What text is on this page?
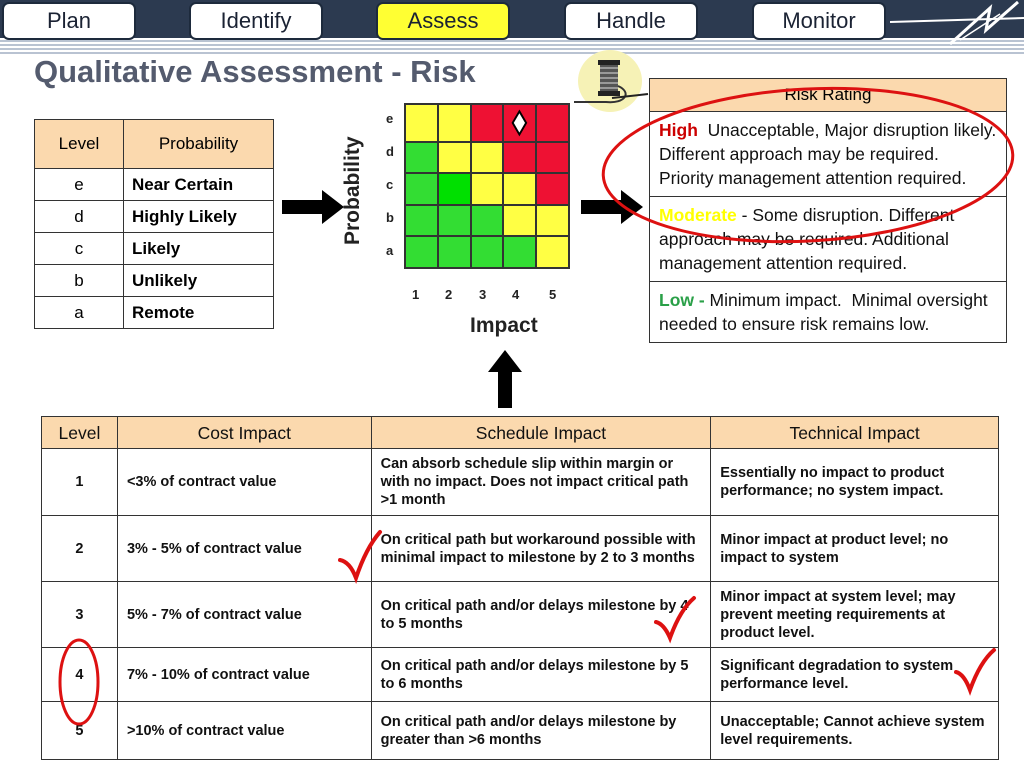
Plan	Identify	Assess	Handle	Monitor
Qualitative Assessment - Risk
Level	Probability
e	Near Certain
d	Highly Likely
c	Likely
b	Unlikely
a	Remote
Probability
e
d
c
b
a
1 2 3 4 5
Impact
Risk Rating
High  Unacceptable, Major disruption likely.  Different approach may be required. Priority management attention required.
Moderate - Some disruption. Different approach may be required. Additional management attention required.
Low - Minimum impact.  Minimal oversight  needed to ensure risk remains low.
Level	Cost Impact	Schedule Impact	Technical Impact
1	<3% of contract value	Can absorb schedule slip within margin or with no impact. Does not impact critical path >1 month	Essentially no impact to product performance; no system impact.
2	3% - 5% of contract value	On critical path but workaround possible with minimal impact to milestone by 2 to 3 months	Minor impact at product level; no impact to system
3	5% - 7% of contract value	On critical path and/or delays milestone by 4 to 5 months	Minor impact at system level; may prevent meeting requirements at product level.
4	7% - 10% of contract value	On critical path and/or delays milestone by 5 to 6 months	Significant degradation to system performance level.
5	>10% of contract value	On critical path and/or delays milestone by greater than >6 months	Unacceptable; Cannot achieve system level requirements.
